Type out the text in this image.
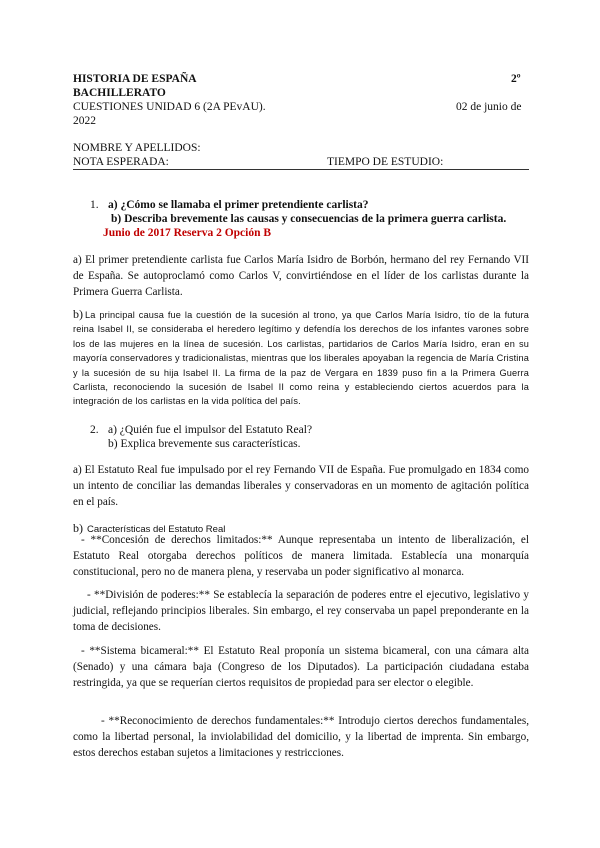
HISTORIA DE ESPAÑA	2º
BACHILLERATO
CUESTIONES UNIDAD 6 (2A PEvAU).	02 de junio de
2022
NOMBRE Y APELLIDOS:
NOTA ESPERADA:	TIEMPO DE ESTUDIO:
1. a) ¿Cómo se llamaba el primer pretendiente carlista?
b) Describa brevemente las causas y consecuencias de la primera guerra carlista.
Junio de 2017 Reserva 2 Opción B
a) El primer pretendiente carlista fue Carlos María Isidro de Borbón, hermano del rey Fernando VII de España. Se autoproclamó como Carlos V, convirtiéndose en el líder de los carlistas durante la Primera Guerra Carlista.
b) La principal causa fue la cuestión de la sucesión al trono, ya que Carlos María Isidro, tío de la futura reina Isabel II, se consideraba el heredero legítimo y defendía los derechos de los infantes varones sobre los de las mujeres en la línea de sucesión. Los carlistas, partidarios de Carlos María Isidro, eran en su mayoría conservadores y tradicionalistas, mientras que los liberales apoyaban la regencia de María Cristina y la sucesión de su hija Isabel II. La firma de la paz de Vergara en 1839 puso fin a la Primera Guerra Carlista, reconociendo la sucesión de Isabel II como reina y estableciendo ciertos acuerdos para la integración de los carlistas en la vida política del país.
2. a) ¿Quién fue el impulsor del Estatuto Real?
b) Explica brevemente sus características.
a) El Estatuto Real fue impulsado por el rey Fernando VII de España. Fue promulgado en 1834 como un intento de conciliar las demandas liberales y conservadoras en un momento de agitación política en el país.
b) Características del Estatuto Real
- **Concesión de derechos limitados:** Aunque representaba un intento de liberalización, el Estatuto Real otorgaba derechos políticos de manera limitada. Establecía una monarquía constitucional, pero no de manera plena, y reservaba un poder significativo al monarca.
- **División de poderes:** Se establecía la separación de poderes entre el ejecutivo, legislativo y judicial, reflejando principios liberales. Sin embargo, el rey conservaba un papel preponderante en la toma de decisiones.
- **Sistema bicameral:** El Estatuto Real proponía un sistema bicameral, con una cámara alta (Senado) y una cámara baja (Congreso de los Diputados). La participación ciudadana estaba restringida, ya que se requerían ciertos requisitos de propiedad para ser elector o elegible.
- **Reconocimiento de derechos fundamentales:** Introdujo ciertos derechos fundamentales, como la libertad personal, la inviolabilidad del domicilio, y la libertad de imprenta. Sin embargo, estos derechos estaban sujetos a limitaciones y restricciones.
